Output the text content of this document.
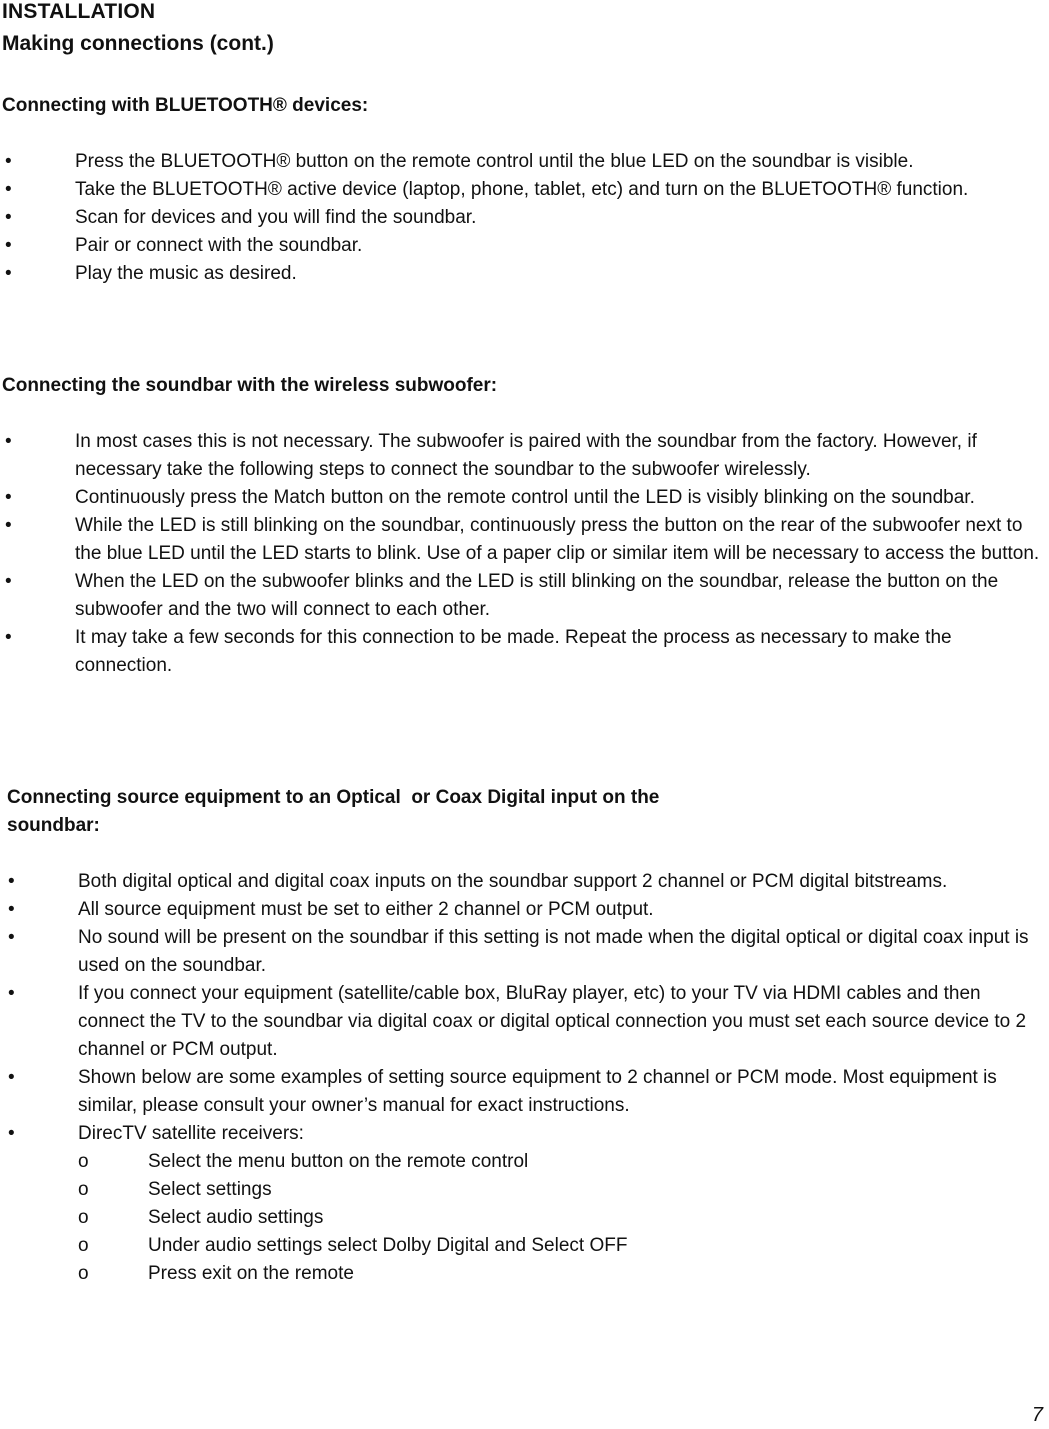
INSTALLATION
Making connections (cont.)
Connecting with BLUETOOTH® devices:
•	Press the BLUETOOTH® button on the remote control until the blue LED on the soundbar is visible.
•	Take the BLUETOOTH® active device (laptop, phone, tablet, etc) and turn on the BLUETOOTH® function.
•	Scan for devices and you will find the soundbar.
•	Pair or connect with the soundbar.
•	Play the music as desired.
Connecting the soundbar with the wireless subwoofer:
•	In most cases this is not necessary. The subwoofer is paired with the soundbar from the factory. However, if necessary take the following steps to connect the soundbar to the subwoofer wirelessly.
•	Continuously press the Match button on the remote control until the LED is visibly blinking on the soundbar.
•	While the LED is still blinking on the soundbar, continuously press the button on the rear of the subwoofer next to the blue LED until the LED starts to blink. Use of a paper clip or similar item will be necessary to access the button.
•	When the LED on the subwoofer blinks and the LED is still blinking on the soundbar, release the button on the subwoofer and the two will connect to each other.
•	It may take a few seconds for this connection to be made. Repeat the process as necessary to make the connection.
Connecting source equipment to an Optical  or Coax Digital input on the
soundbar:
•	Both digital optical and digital coax inputs on the soundbar support 2 channel or PCM digital bitstreams.
•	All source equipment must be set to either 2 channel or PCM output.
•	No sound will be present on the soundbar if this setting is not made when the digital optical or digital coax input is used on the soundbar.
•	If you connect your equipment (satellite/cable box, BluRay player, etc) to your TV via HDMI cables and then connect the TV to the soundbar via digital coax or digital optical connection you must set each source device to 2 channel or PCM output.
•	Shown below are some examples of setting source equipment to 2 channel or PCM mode. Most equipment is similar, please consult your owner’s manual for exact instructions.
•	DirecTV satellite receivers:
o	Select the menu button on the remote control
o	Select settings
o	Select audio settings
o	Under audio settings select Dolby Digital and Select OFF
o	Press exit on the remote
7
